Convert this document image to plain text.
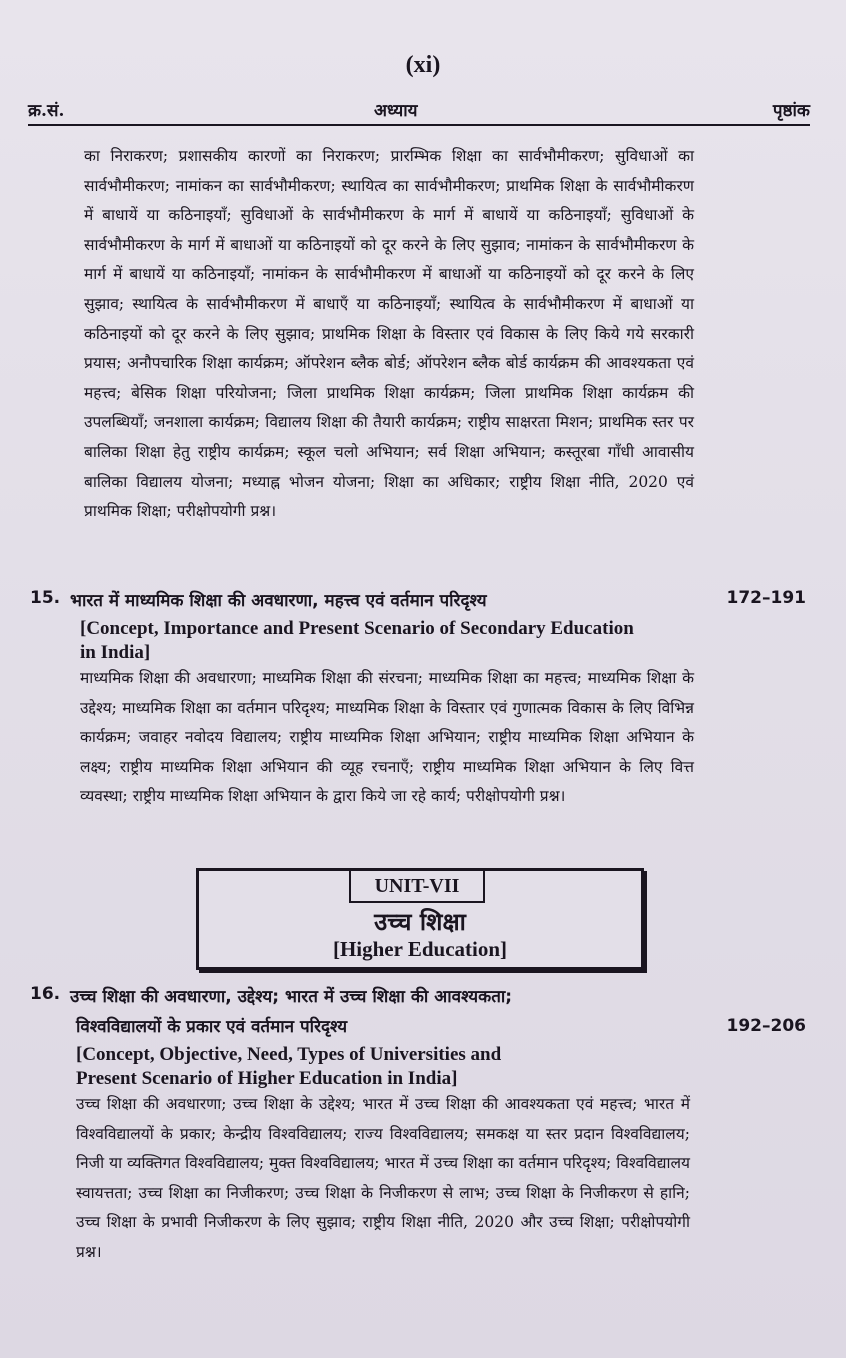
(xi)
क्र.सं.	अध्याय	पृष्ठांक
का निराकरण; प्रशासकीय कारणों का निराकरण; प्रारम्भिक शिक्षा का सार्वभौमीकरण; सुविधाओं का सार्वभौमीकरण; नामांकन का सार्वभौमीकरण; स्थायित्व का सार्वभौमीकरण; प्राथमिक शिक्षा के सार्वभौमीकरण में बाधायें या कठिनाइयाँ; सुविधाओं के सार्वभौमीकरण के मार्ग में बाधायें या कठिनाइयाँ; सुविधाओं के सार्वभौमीकरण के मार्ग में बाधाओं या कठिनाइयों को दूर करने के लिए सुझाव; नामांकन के सार्वभौमीकरण के मार्ग में बाधायें या कठिनाइयाँ; नामांकन के सार्वभौमीकरण में बाधाओं या कठिनाइयों को दूर करने के लिए सुझाव; स्थायित्व के सार्वभौमीकरण में बाधाएँ या कठिनाइयाँ; स्थायित्व के सार्वभौमीकरण में बाधाओं या कठिनाइयों को दूर करने के लिए सुझाव; प्राथमिक शिक्षा के विस्तार एवं विकास के लिए किये गये सरकारी प्रयास; अनौपचारिक शिक्षा कार्यक्रम; ऑपरेशन ब्लैक बोर्ड; ऑपरेशन ब्लैक बोर्ड कार्यक्रम की आवश्यकता एवं महत्त्व; बेसिक शिक्षा परियोजना; जिला प्राथमिक शिक्षा कार्यक्रम; जिला प्राथमिक शिक्षा कार्यक्रम की उपलब्धियाँ; जनशाला कार्यक्रम; विद्यालय शिक्षा की तैयारी कार्यक्रम; राष्ट्रीय साक्षरता मिशन; प्राथमिक स्तर पर बालिका शिक्षा हेतु राष्ट्रीय कार्यक्रम; स्कूल चलो अभियान; सर्व शिक्षा अभियान; कस्तूरबा गाँधी आवासीय बालिका विद्यालय योजना; मध्याह्न भोजन योजना; शिक्षा का अधिकार; राष्ट्रीय शिक्षा नीति, 2020 एवं प्राथमिक शिक्षा; परीक्षोपयोगी प्रश्न।
15. भारत में माध्यमिक शिक्षा की अवधारणा, महत्त्व एवं वर्तमान परिदृश्य	172–191
[Concept, Importance and Present Scenario of Secondary Education
in India]
माध्यमिक शिक्षा की अवधारणा; माध्यमिक शिक्षा की संरचना; माध्यमिक शिक्षा का महत्त्व; माध्यमिक शिक्षा के उद्देश्य; माध्यमिक शिक्षा का वर्तमान परिदृश्य; माध्यमिक शिक्षा के विस्तार एवं गुणात्मक विकास के लिए विभिन्न कार्यक्रम; जवाहर नवोदय विद्यालय; राष्ट्रीय माध्यमिक शिक्षा अभियान; राष्ट्रीय माध्यमिक शिक्षा अभियान के लक्ष्य; राष्ट्रीय माध्यमिक शिक्षा अभियान की व्यूह रचनाएँ; राष्ट्रीय माध्यमिक शिक्षा अभियान के लिए वित्त व्यवस्था; राष्ट्रीय माध्यमिक शिक्षा अभियान के द्वारा किये जा रहे कार्य; परीक्षोपयोगी प्रश्न।
UNIT-VII
उच्च शिक्षा
[Higher Education]
16. उच्च शिक्षा की अवधारणा, उद्देश्य; भारत में उच्च शिक्षा की आवश्यकता;
विश्वविद्यालयों के प्रकार एवं वर्तमान परिदृश्य	192–206
[Concept, Objective, Need, Types of Universities and
Present Scenario of Higher Education in India]
उच्च शिक्षा की अवधारणा; उच्च शिक्षा के उद्देश्य; भारत में उच्च शिक्षा की आवश्यकता एवं महत्त्व; भारत में विश्वविद्यालयों के प्रकार; केन्द्रीय विश्वविद्यालय; राज्य विश्वविद्यालय; समकक्ष या स्तर प्रदान विश्वविद्यालय; निजी या व्यक्तिगत विश्वविद्यालय; मुक्त विश्वविद्यालय; भारत में उच्च शिक्षा का वर्तमान परिदृश्य; विश्वविद्यालय स्वायत्तता; उच्च शिक्षा का निजीकरण; उच्च शिक्षा के निजीकरण से लाभ; उच्च शिक्षा के निजीकरण से हानि; उच्च शिक्षा के प्रभावी निजीकरण के लिए सुझाव; राष्ट्रीय शिक्षा नीति, 2020 और उच्च शिक्षा; परीक्षोपयोगी प्रश्न।
